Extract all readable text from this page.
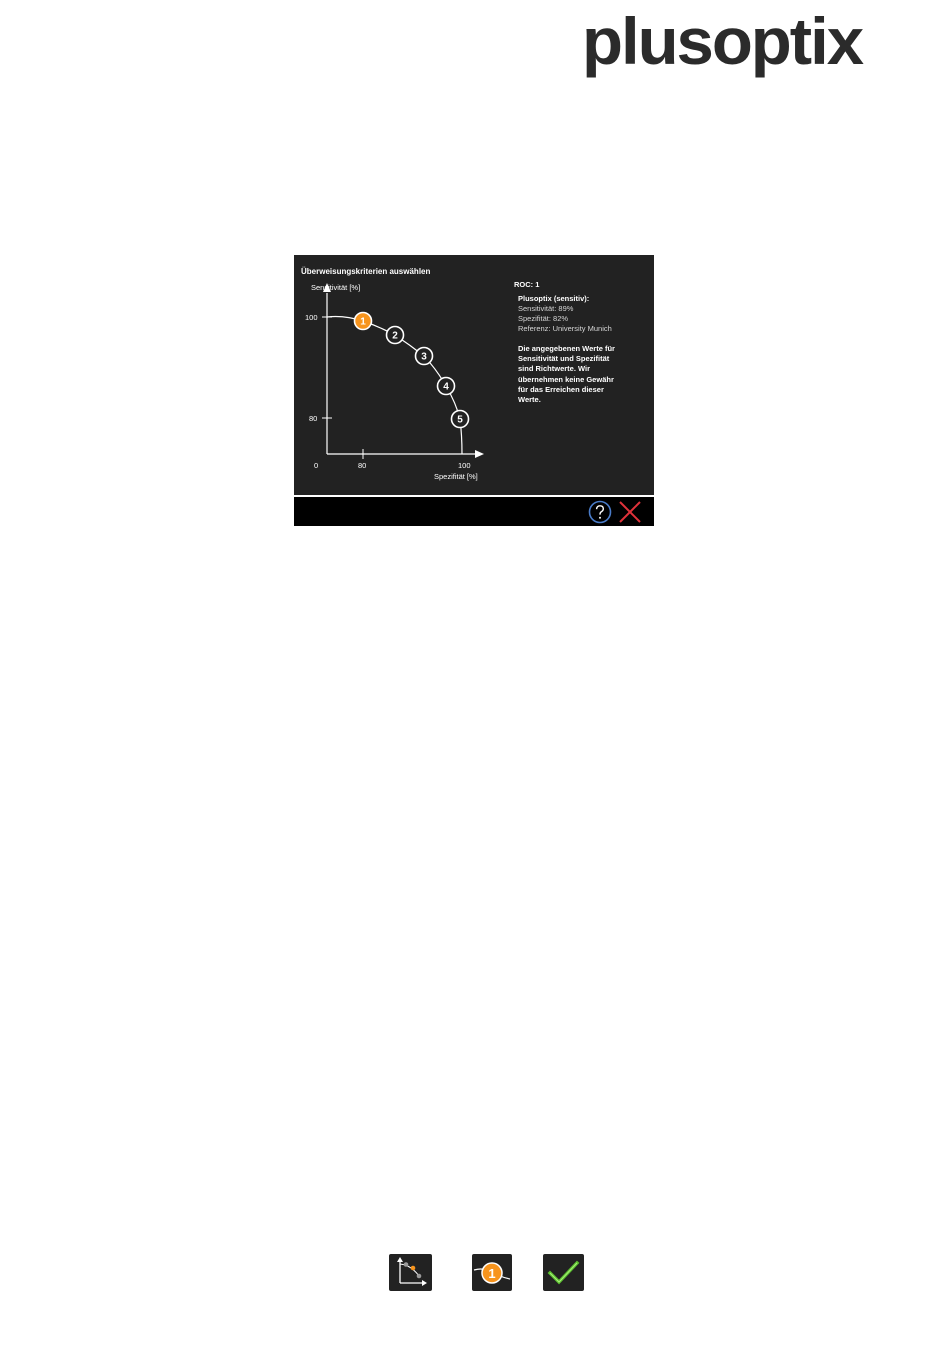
plusoptix
Überweisungskriterien auswählen
Sensitivität [%]
Spezifität [%]
100
80
0	80	100
1
2
3
4
5
ROC: 1
Plusoptix (sensitiv):
Sensitivität: 89%
Spezifität: 82%
Referenz: University Munich
Die angegebenen Werte für
Sensitivität und Spezifität
sind Richtwerte. Wir
übernehmen keine Gewähr
für das Erreichen dieser
Werte.
1
